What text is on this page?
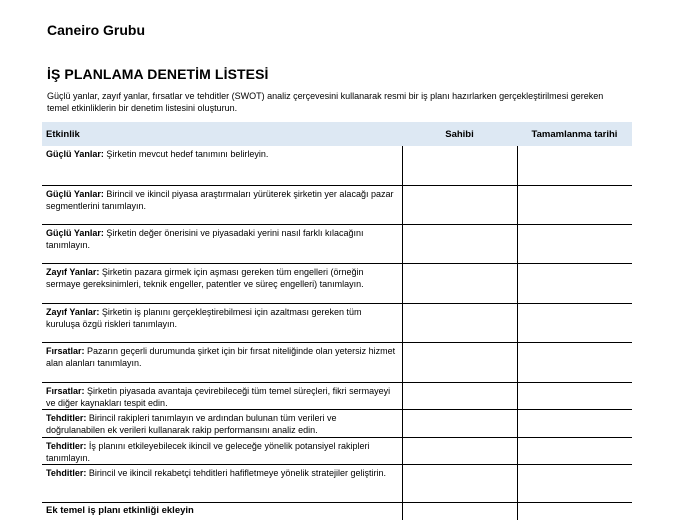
Caneiro Grubu
İŞ PLANLAMA DENETİM LİSTESİ
Güçlü yanlar, zayıf yanlar, fırsatlar ve tehditler (SWOT) analiz çerçevesini kullanarak resmi bir iş planı hazırlarken gerçekleştirilmesi gereken temel etkinliklerin bir denetim listesini oluşturun.
Etkinlik	Sahibi	Tamamlanma tarihi
Güçlü Yanlar: Şirketin mevcut hedef tanımını belirleyin.		
Güçlü Yanlar: Birincil ve ikincil piyasa araştırmaları yürüterek şirketin yer alacağı pazar segmentlerini tanımlayın.		
Güçlü Yanlar: Şirketin değer önerisini ve piyasadaki yerini nasıl farklı kılacağını tanımlayın.		
Zayıf Yanlar: Şirketin pazara girmek için aşması gereken tüm engelleri (örneğin sermaye gereksinimleri, teknik engeller, patentler ve süreç engelleri) tanımlayın.		
Zayıf Yanlar: Şirketin iş planını gerçekleştirebilmesi için azaltması gereken tüm kuruluşa özgü riskleri tanımlayın.		
Fırsatlar: Pazarın geçerli durumunda şirket için bir fırsat niteliğinde olan yetersiz hizmet alan alanları tanımlayın.		
Fırsatlar: Şirketin piyasada avantaja çevirebileceği tüm temel süreçleri, fikri sermayeyi ve diğer kaynakları tespit edin.		
Tehditler: Birincil rakipleri tanımlayın ve ardından bulunan tüm verileri ve doğrulanabilen ek verileri kullanarak rakip performansını analiz edin.		
Tehditler: İş planını etkileyebilecek ikincil ve geleceğe yönelik potansiyel rakipleri tanımlayın.		
Tehditler: Birincil ve ikincil rekabetçi tehditleri hafifletmeye yönelik stratejiler geliştirin.		
Ek temel iş planı etkinliği ekleyin		
